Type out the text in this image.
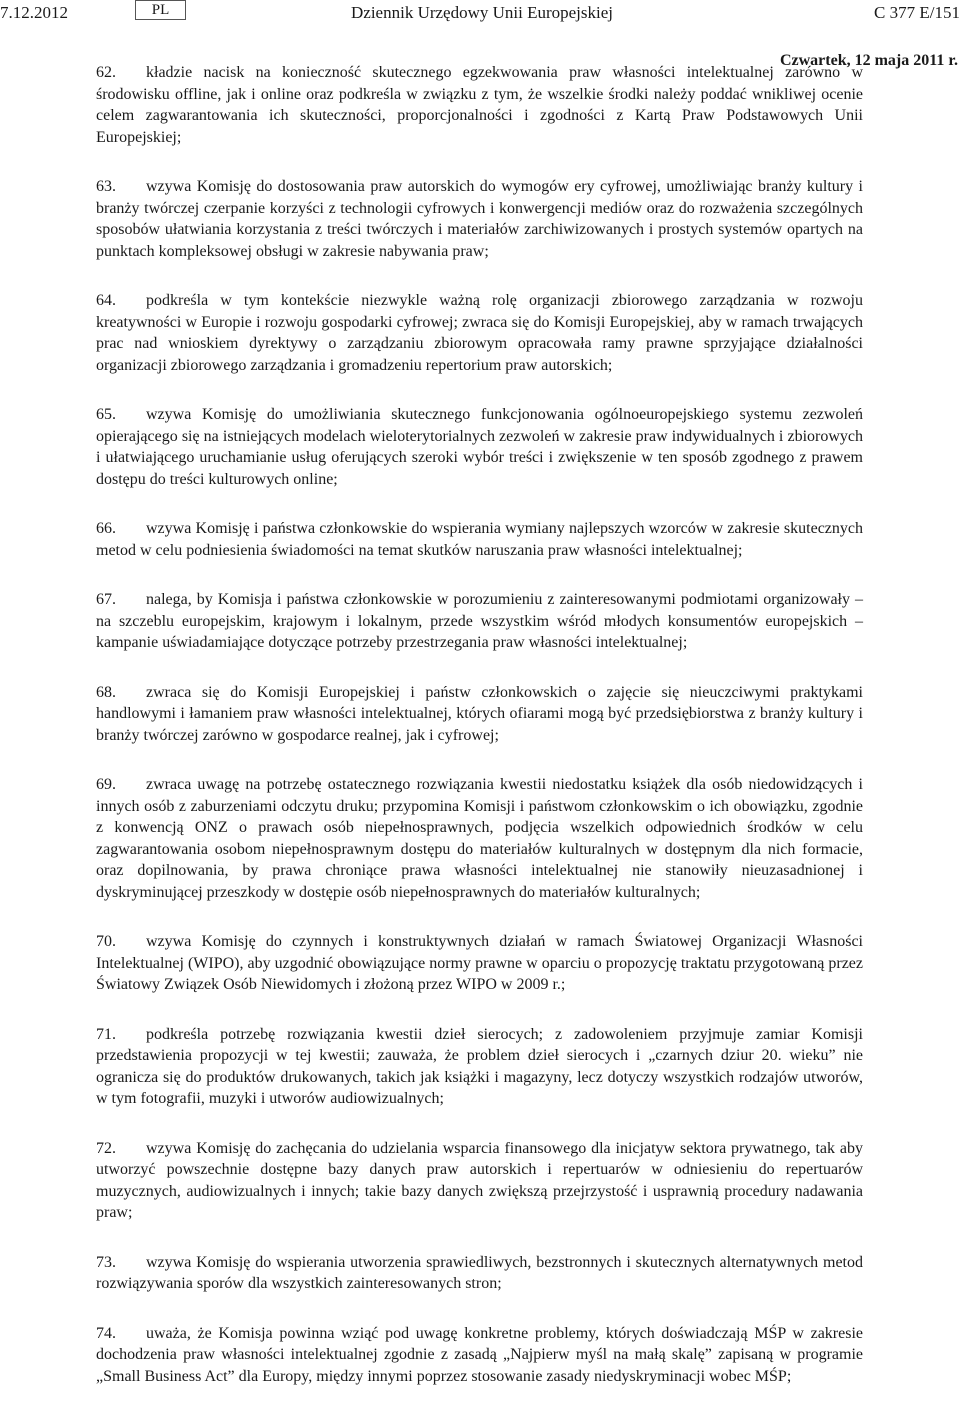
7.12.2012	PL	Dziennik Urzędowy Unii Europejskiej	C 377 E/151
Czwartek, 12 maja 2011 r.

62. kładzie nacisk na konieczność skutecznego egzekwowania praw własności intelektualnej zarówno w środowisku offline, jak i online oraz podkreśla w związku z tym, że wszelkie środki należy poddać wnikliwej ocenie celem zagwarantowania ich skuteczności, proporcjonalności i zgodności z Kartą Praw Podstawowych Unii Europejskiej;

63. wzywa Komisję do dostosowania praw autorskich do wymogów ery cyfrowej, umożliwiając branży kultury i branży twórczej czerpanie korzyści z technologii cyfrowych i konwergencji mediów oraz do rozważenia szczególnych sposobów ułatwiania korzystania z treści twórczych i materiałów zarchiwizowanych i prostych systemów opartych na punktach kompleksowej obsługi w zakresie nabywania praw;

64. podkreśla w tym kontekście niezwykle ważną rolę organizacji zbiorowego zarządzania w rozwoju kreatywności w Europie i rozwoju gospodarki cyfrowej; zwraca się do Komisji Europejskiej, aby w ramach trwających prac nad wnioskiem dyrektywy o zarządzaniu zbiorowym opracowała ramy prawne sprzyjające działalności organizacji zbiorowego zarządzania i gromadzeniu repertorium praw autorskich;

65. wzywa Komisję do umożliwiania skutecznego funkcjonowania ogólnoeuropejskiego systemu zezwoleń opierającego się na istniejących modelach wieloterytorialnych zezwoleń w zakresie praw indywidualnych i zbiorowych i ułatwiającego uruchamianie usług oferujących szeroki wybór treści i zwiększenie w ten sposób zgodnego z prawem dostępu do treści kulturowych online;

66. wzywa Komisję i państwa członkowskie do wspierania wymiany najlepszych wzorców w zakresie skutecznych metod w celu podniesienia świadomości na temat skutków naruszania praw własności intelektualnej;

67. nalega, by Komisja i państwa członkowskie w porozumieniu z zainteresowanymi podmiotami organizowały – na szczeblu europejskim, krajowym i lokalnym, przede wszystkim wśród młodych konsumentów europejskich – kampanie uświadamiające dotyczące potrzeby przestrzegania praw własności intelektualnej;

68. zwraca się do Komisji Europejskiej i państw członkowskich o zajęcie się nieuczciwymi praktykami handlowymi i łamaniem praw własności intelektualnej, których ofiarami mogą być przedsiębiorstwa z branży kultury i branży twórczej zarówno w gospodarce realnej, jak i cyfrowej;

69. zwraca uwagę na potrzebę ostatecznego rozwiązania kwestii niedostatku książek dla osób niedowidzących i innych osób z zaburzeniami odczytu druku; przypomina Komisji i państwom członkowskim o ich obowiązku, zgodnie z konwencją ONZ o prawach osób niepełnosprawnych, podjęcia wszelkich odpowiednich środków w celu zagwarantowania osobom niepełnosprawnym dostępu do materiałów kulturalnych w dostępnym dla nich formacie, oraz dopilnowania, by prawa chroniące prawa własności intelektualnej nie stanowiły nieuzasadnionej i dyskryminującej przeszkody w dostępie osób niepełnosprawnych do materiałów kulturalnych;

70. wzywa Komisję do czynnych i konstruktywnych działań w ramach Światowej Organizacji Własności Intelektualnej (WIPO), aby uzgodnić obowiązujące normy prawne w oparciu o propozycję traktatu przygotowaną przez Światowy Związek Osób Niewidomych i złożoną przez WIPO w 2009 r.;

71. podkreśla potrzebę rozwiązania kwestii dzieł sierocych; z zadowoleniem przyjmuje zamiar Komisji przedstawienia propozycji w tej kwestii; zauważa, że problem dzieł sierocych i „czarnych dziur 20. wieku” nie ogranicza się do produktów drukowanych, takich jak książki i magazyny, lecz dotyczy wszystkich rodzajów utworów, w tym fotografii, muzyki i utworów audiowizualnych;

72. wzywa Komisję do zachęcania do udzielania wsparcia finansowego dla inicjatyw sektora prywatnego, tak aby utworzyć powszechnie dostępne bazy danych praw autorskich i repertuarów w odniesieniu do repertuarów muzycznych, audiowizualnych i innych; takie bazy danych zwiększą przejrzystość i usprawnią procedury nadawania praw;

73. wzywa Komisję do wspierania utworzenia sprawiedliwych, bezstronnych i skutecznych alternatywnych metod rozwiązywania sporów dla wszystkich zainteresowanych stron;

74. uważa, że Komisja powinna wziąć pod uwagę konkretne problemy, których doświadczają MŚP w zakresie dochodzenia praw własności intelektualnej zgodnie z zasadą „Najpierw myśl na małą skalę” zapisaną w programie „Small Business Act” dla Europy, między innymi poprzez stosowanie zasady niedyskryminacji wobec MŚP;
